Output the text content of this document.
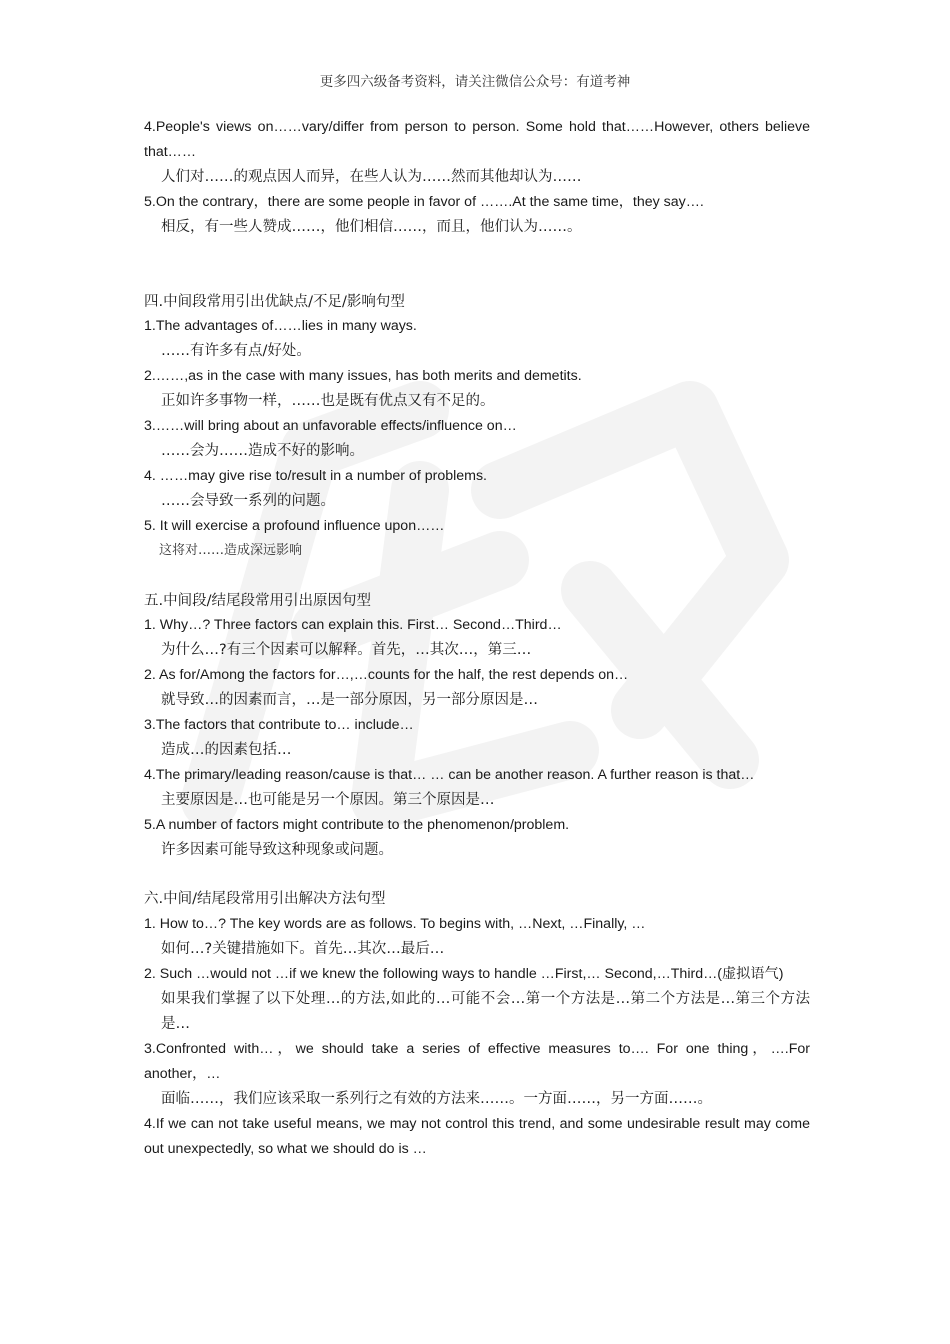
更多四六级备考资料，请关注微信公众号：有道考神
4.People's views on……vary/differ from person to person. Some hold that……However, others believe that……
人们对……的观点因人而异，在些人认为……然而其他却认为……
5.On the contrary，there are some people in favor of …….At the same time，they say….
相反，有一些人赞成……，他们相信……，而且，他们认为……。
四.中间段常用引出优缺点/不足/影响句型
1.The advantages of……lies in many ways.
……有许多有点/好处。
2.……,as in the case with many issues, has both merits and demetits.
正如许多事物一样，……也是既有优点又有不足的。
3.……will bring about an unfavorable effects/influence on…
……会为……造成不好的影响。
4. ……may give rise to/result in a number of problems.
……会导致一系列的问题。
5. It will exercise a profound influence upon……
这将对……造成深远影响
五.中间段/结尾段常用引出原因句型
1. Why…? Three factors can explain this. First… Second…Third…
为什么…?有三个因素可以解释。首先，…其次…，第三…
2. As for/Among the factors for…,…counts for the half, the rest depends on…
就导致…的因素而言，…是一部分原因，另一部分原因是…
3.The factors that contribute to… include…
造成…的因素包括…
4.The primary/leading reason/cause is that… … can be another reason. A further reason is that…
主要原因是…也可能是另一个原因。第三个原因是…
5.A number of factors might contribute to the phenomenon/problem.
许多因素可能导致这种现象或问题。
六.中间/结尾段常用引出解决方法句型
1. How to…? The key words are as follows. To begins with, …Next, …Finally, …
如何…?关键措施如下。首先…其次…最后…
2. Such …would not …if we knew the following ways to handle …First,… Second,…Third…(虚拟语气)
如果我们掌握了以下处理…的方法,如此的…可能不会…第一个方法是…第二个方法是…第三个方法是…
3.Confronted with…，we should take a series of effective measures to…. For one thing，….For another，…
面临……，我们应该采取一系列行之有效的方法来……。一方面……，另一方面……。
4.If we can not take useful means, we may not control this trend, and some undesirable result may come out unexpectedly, so what we should do is …
